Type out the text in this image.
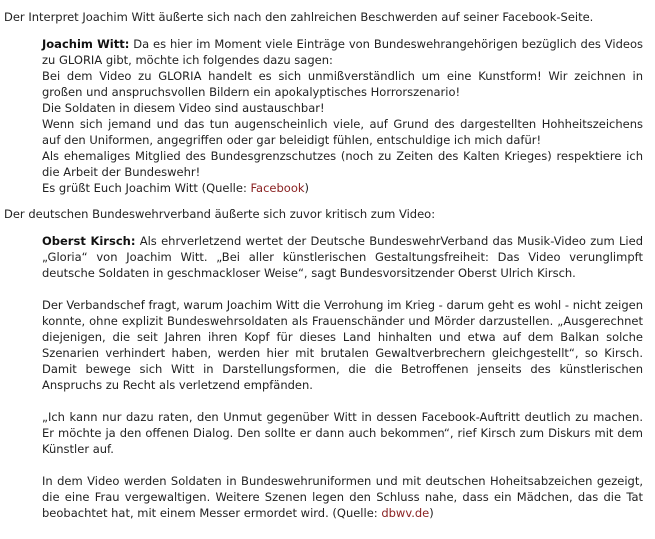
Der Interpret Joachim Witt äußerte sich nach den zahlreichen Beschwerden auf seiner Facebook-Seite.

Joachim Witt: Da es hier im Moment viele Einträge von Bundeswehrangehörigen bezüglich des Videos zu GLORIA gibt, möchte ich folgendes dazu sagen:
Bei dem Video zu GLORIA handelt es sich unmißverständlich um eine Kunstform! Wir zeichnen in großen und anspruchsvollen Bildern ein apokalyptisches Horrorszenario!
Die Soldaten in diesem Video sind austauschbar!
Wenn sich jemand und das tun augenscheinlich viele, auf Grund des dargestellten Hohheitszeichens auf den Uniformen, angegriffen oder gar beleidigt fühlen, entschuldige ich mich dafür!
Als ehemaliges Mitglied des Bundesgrenzschutzes (noch zu Zeiten des Kalten Krieges) respektiere ich die Arbeit der Bundeswehr!
Es grüßt Euch Joachim Witt (Quelle: Facebook)

Der deutschen Bundeswehrverband äußerte sich zuvor kritisch zum Video:

Oberst Kirsch: Als ehrverletzend wertet der Deutsche BundeswehrVerband das Musik-Video zum Lied „Gloria“ von Joachim Witt. „Bei aller künstlerischen Gestaltungsfreiheit: Das Video verunglimpft deutsche Soldaten in geschmackloser Weise“, sagt Bundesvorsitzender Oberst Ulrich Kirsch.

Der Verbandschef fragt, warum Joachim Witt die Verrohung im Krieg - darum geht es wohl - nicht zeigen konnte, ohne explizit Bundeswehrsoldaten als Frauenschänder und Mörder darzustellen. „Ausgerechnet diejenigen, die seit Jahren ihren Kopf für dieses Land hinhalten und etwa auf dem Balkan solche Szenarien verhindert haben, werden hier mit brutalen Gewaltverbrechern gleichgestellt“, so Kirsch. Damit bewege sich Witt in Darstellungsformen, die die Betroffenen jenseits des künstlerischen Anspruchs zu Recht als verletzend empfänden.

„Ich kann nur dazu raten, den Unmut gegenüber Witt in dessen Facebook-Auftritt deutlich zu machen. Er möchte ja den offenen Dialog. Den sollte er dann auch bekommen“, rief Kirsch zum Diskurs mit dem Künstler auf.

In dem Video werden Soldaten in Bundeswehruniformen und mit deutschen Hoheitsabzeichen gezeigt, die eine Frau vergewaltigen. Weitere Szenen legen den Schluss nahe, dass ein Mädchen, das die Tat beobachtet hat, mit einem Messer ermordet wird. (Quelle: dbwv.de)
